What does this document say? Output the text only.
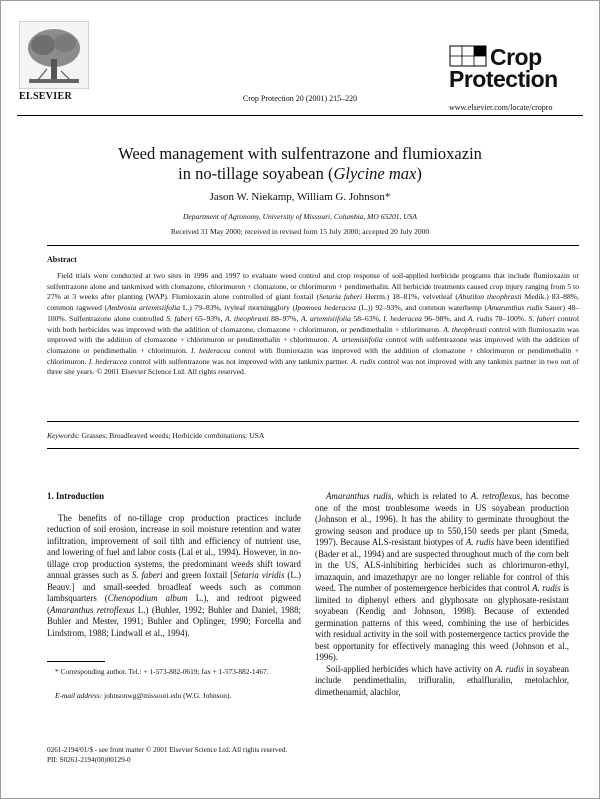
ELSEVIER	Crop Protection 20 (2001) 215–220
Crop
Protection
www.elsevier.com/locate/cropro
Weed management with sulfentrazone and flumioxazin
in no-tillage soyabean (Glycine max)
Jason W. Niekamp, William G. Johnson*
Department of Agronomy, University of Missouri, Columbia, MO 65201, USA
Received 31 May 2000; received in revised form 15 July 2000; accepted 20 July 2000
Abstract
Field trials were conducted at two sites in 1996 and 1997 to evaluate weed control and crop response of soil-applied herbicide programs that include flumioxazin or sulfentrazone alone and tankmixed with clomazone, chlorimuron + clomazone, or chlorimuron + pendimethalin. All herbicide treatments caused crop injury ranging from 5 to 27% at 3 weeks after planting (WAP). Flumioxazin alone controlled of giant foxtail (Setaria faberi Herrm.) 18–81%, velvetleaf (Abutilon theophrasti Medik.) 83–88%, common ragweed (Ambrosia artemisiifolia L.) 79–83%, ivyleaf morningglory (Ipomoea hederacea (L.)) 92–93%, and common waterhemp (Amaranthus rudis Sauer) 48–100%. Sulfentrazone alone controlled S. faberi 65–93%, A. theophrasti 88–97%, A. artemisiifolia 58–63%, I. hederacea 96–98%, and A. rudis 78–100%. S. faberi control with both herbicides was improved with the addition of clomazone, clomazone + chlorimuron, or pendimethalin + chlorimuron. A. theophrasti control with flumioxazin was improved with the addition of clomazone + chlorimuron or pendimethalin + chlorimuron. A. artemisiifolia control with sulfentrazone was improved with the addition of clomazone or pendimethalin + chlorimuron. I. hederacea control with flumioxazin was improved with the addition of clomazone + chlorimuron or pendimethalin + chlorimuron. I. hederacea control with sulfentrazone was not improved with any tankmix partner. A. rudis control was not improved with any tankmix partner in two out of three site years. © 2001 Elsevier Science Ltd. All rights reserved.
Keywords: Grasses; Broadleaved weeds; Herbicide combinations; USA

1. Introduction

The benefits of no-tillage crop production practices include reduction of soil erosion, increase in soil moisture retention and water infiltration, improvement of soil tilth and efficiency of nutrient use, and lowering of fuel and labor costs (Lal et al., 1994). However, in no-tillage crop production systems, the predominant weeds shift toward annual grasses such as S. faberi and green foxtail [Setaria viridis (L.) Beauv.] and small-seeded broadleaf weeds such as common lambsquarters (Chenopodium album L.), and redroot pigweed (Amaranthus retroflexus L.) (Buhler, 1992; Buhler and Daniel, 1988; Buhler and Mester, 1991; Buhler and Oplinger, 1990; Forcella and Lindstrom, 1988; Lindwall et al., 1994).

* Corresponding author. Tel.: + 1-573-882-0619; fax + 1-573-882-1467.
E-mail address: johnsonwg@missouri.edu (W.G. Johnson).
0261-2194/01/$ - see front matter © 2001 Elsevier Science Ltd. All rights reserved.
PII: S0261-2194(00)00129-0

Amaranthus rudis, which is related to A. retroflexus, has become one of the most troublesome weeds in US soyabean production (Johnson et al., 1996). It has the ability to germinate throughout the growing season and produce up to 550,150 seeds per plant (Smeda, 1997). Because ALS-resistant biotypes of A. rudis have been identified (Bader et al., 1994) and are suspected throughout much of the corn belt in the US, ALS-inhibiting herbicides such as chlorimuron-ethyl, imazaquin, and imazethapyr are no longer reliable for control of this weed. The number of postemergence herbicides that control A. rudis is limited to diphenyl ethers and glyphosate on glyphosate-resistant soyabean (Kendig and Johnson, 1998). Because of extended germination patterns of this weed, combining the use of herbicides with residual activity in the soil with postemergence tactics provide the best opportunity for effectively managing this weed (Johnson et al., 1996).

Soil-applied herbicides which have activity on A. rudis in soyabean include pendimethalin, trifluralin, ethalfluralin, metolachlor, dimethenamid, alachlor,
